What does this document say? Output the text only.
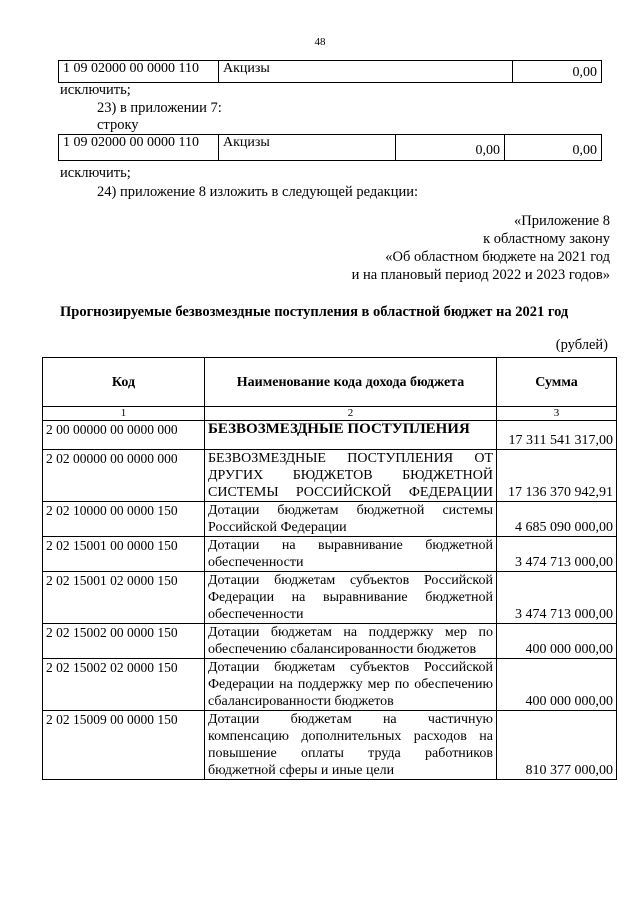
48
1 09 02000 00 0000 110	Акцизы	0,00
исключить;
23) в приложении 7:
строку
1 09 02000 00 0000 110	Акцизы	0,00	0,00
исключить;
24) приложение 8 изложить в следующей редакции:
«Приложение 8
к областному закону
«Об областном бюджете на 2021 год
и на плановый период 2022 и 2023 годов»
Прогнозируемые безвозмездные поступления в областной бюджет на 2021 год
(рублей)
Код	Наименование кода дохода бюджета	Сумма
1	2	3
2 00 00000 00 0000 000	БЕЗВОЗМЕЗДНЫЕ ПОСТУПЛЕНИЯ	17 311 541 317,00
2 02 00000 00 0000 000	БЕЗВОЗМЕЗДНЫЕ ПОСТУПЛЕНИЯ ОТ ДРУГИХ БЮДЖЕТОВ БЮДЖЕТНОЙ СИСТЕМЫ РОССИЙСКОЙ ФЕДЕРАЦИИ	17 136 370 942,91
2 02 10000 00 0000 150	Дотации бюджетам бюджетной системы Российской Федерации	4 685 090 000,00
2 02 15001 00 0000 150	Дотации на выравнивание бюджетной обеспеченности	3 474 713 000,00
2 02 15001 02 0000 150	Дотации бюджетам субъектов Российской Федерации на выравнивание бюджетной обеспеченности	3 474 713 000,00
2 02 15002 00 0000 150	Дотации бюджетам на поддержку мер по обеспечению сбалансированности бюджетов	400 000 000,00
2 02 15002 02 0000 150	Дотации бюджетам субъектов Российской Федерации на поддержку мер по обеспечению сбалансированности бюджетов	400 000 000,00
2 02 15009 00 0000 150	Дотации бюджетам на частичную компенсацию дополнительных расходов на повышение оплаты труда работников бюджетной сферы и иные цели	810 377 000,00
